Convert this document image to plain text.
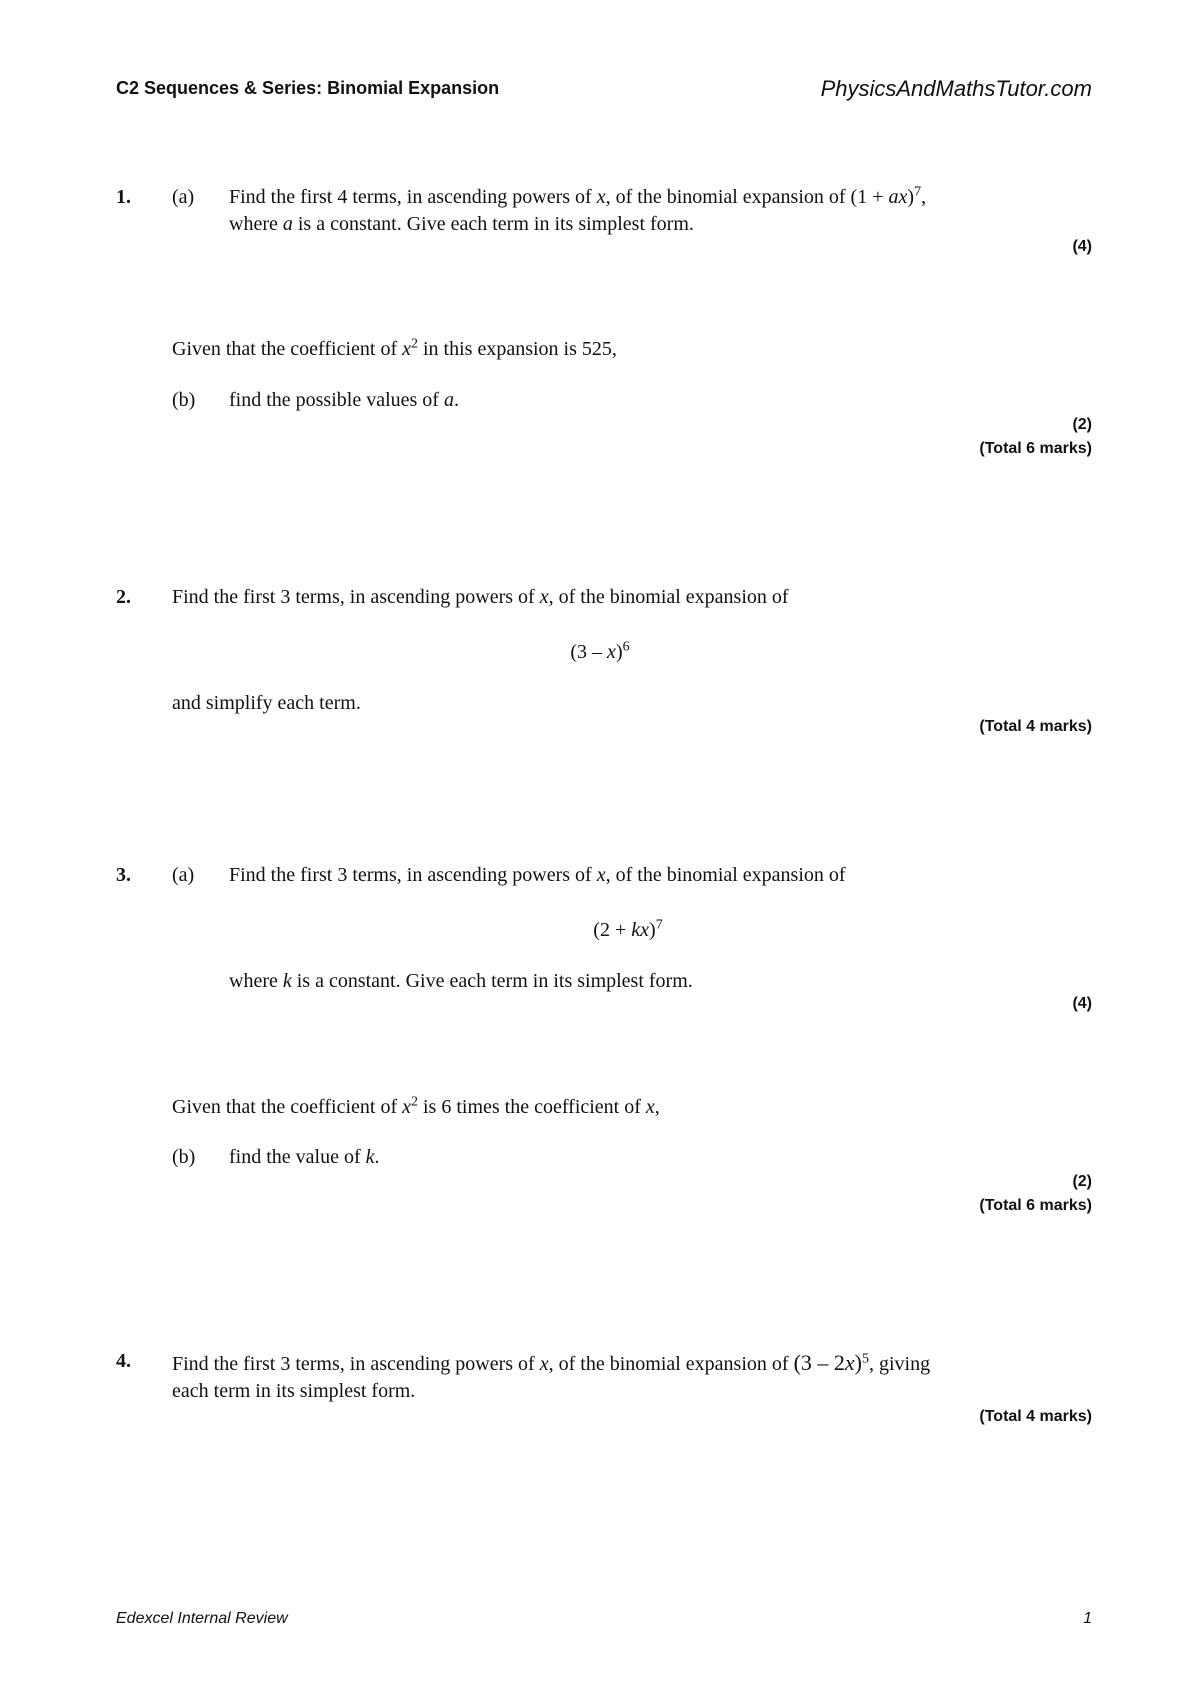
C2 Sequences & Series: Binomial Expansion	PhysicsAndMathsTutor.com
1. (a) Find the first 4 terms, in ascending powers of x, of the binomial expansion of (1 + ax)$^7$,
where a is a constant. Give each term in its simplest form.
(4)
Given that the coefficient of $x^2$ in this expansion is 525,
(b) find the possible values of a.
(2)
(Total 6 marks)
2. Find the first 3 terms, in ascending powers of x, of the binomial expansion of
(3 – x)$^6$
and simplify each term.
(Total 4 marks)
3. (a) Find the first 3 terms, in ascending powers of x, of the binomial expansion of
(2 + kx)$^7$
where k is a constant. Give each term in its simplest form.
(4)
Given that the coefficient of $x^2$ is 6 times the coefficient of x,
(b) find the value of k.
(2)
(Total 6 marks)
4. Find the first 3 terms, in ascending powers of x, of the binomial expansion of (3 – 2x)$^5$, giving
each term in its simplest form.
(Total 4 marks)
Edexcel Internal Review	1
